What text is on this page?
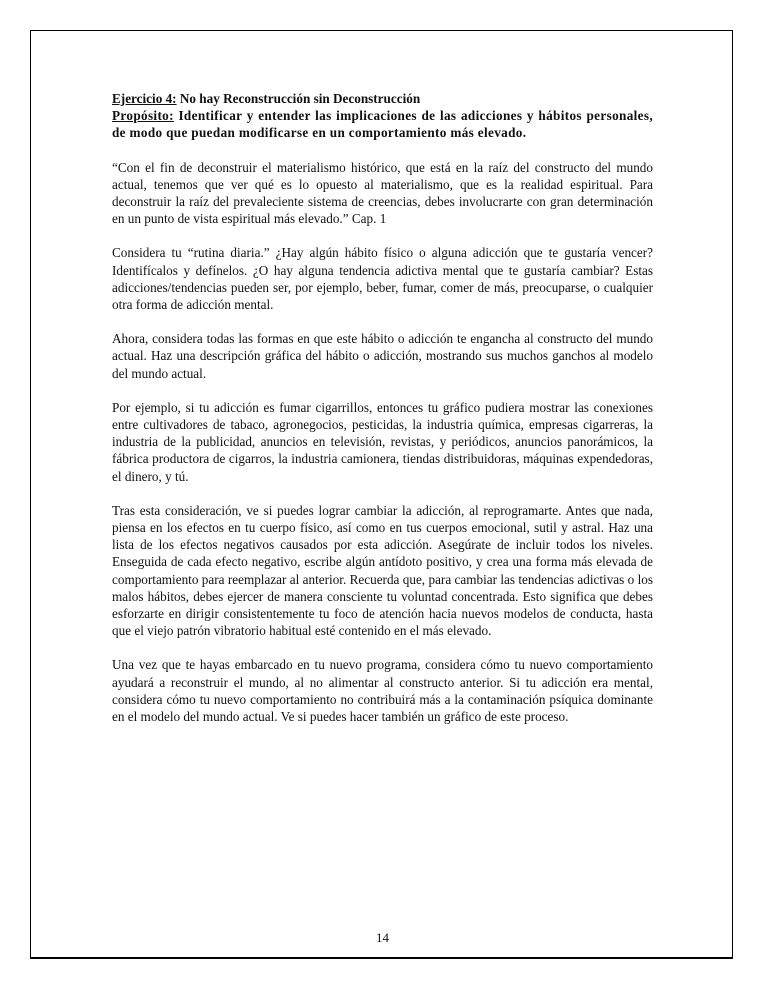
Ejercicio 4: No hay Reconstrucción sin Deconstrucción

Propósito: Identificar y entender las implicaciones de las adicciones y hábitos personales, de modo que puedan modificarse en un comportamiento más elevado.

“Con el fin de deconstruir el materialismo histórico, que está en la raíz del constructo del mundo actual, tenemos que ver qué es lo opuesto al materialismo, que es la realidad espiritual. Para deconstruir la raíz del prevaleciente sistema de creencias, debes involucrarte con gran determinación en un punto de vista espiritual más elevado.” Cap. 1

Considera tu “rutina diaria.” ¿Hay algún hábito físico o alguna adicción que te gustaría vencer? Identifícalos y defínelos. ¿O hay alguna tendencia adictiva mental que te gustaría cambiar? Estas adicciones/tendencias pueden ser, por ejemplo, beber, fumar, comer de más, preocuparse, o cualquier otra forma de adicción mental.

Ahora, considera todas las formas en que este hábito o adicción te engancha al constructo del mundo actual. Haz una descripción gráfica del hábito o adicción, mostrando sus muchos ganchos al modelo del mundo actual.

Por ejemplo, si tu adicción es fumar cigarrillos, entonces tu gráfico pudiera mostrar las conexiones entre cultivadores de tabaco, agronegocios, pesticidas, la industria química, empresas cigarreras, la industria de la publicidad, anuncios en televisión, revistas, y periódicos, anuncios panorámicos, la fábrica productora de cigarros, la industria camionera, tiendas distribuidoras, máquinas expendedoras, el dinero, y tú.

Tras esta consideración, ve si puedes lograr cambiar la adicción, al reprogramarte. Antes que nada, piensa en los efectos en tu cuerpo físico, así como en tus cuerpos emocional, sutil y astral. Haz una lista de los efectos negativos causados por esta adicción. Asegúrate de incluir todos los niveles. Enseguida de cada efecto negativo, escribe algún antídoto positivo, y crea una forma más elevada de comportamiento para reemplazar al anterior. Recuerda que, para cambiar las tendencias adictivas o los malos hábitos, debes ejercer de manera consciente tu voluntad concentrada. Esto significa que debes esforzarte en dirigir consistentemente tu foco de atención hacia nuevos modelos de conducta, hasta que el viejo patrón vibratorio habitual esté contenido en el más elevado.

Una vez que te hayas embarcado en tu nuevo programa, considera cómo tu nuevo comportamiento ayudará a reconstruir el mundo, al no alimentar al constructo anterior. Si tu adicción era mental, considera cómo tu nuevo comportamiento no contribuirá más a la contaminación psíquica dominante en el modelo del mundo actual. Ve si puedes hacer también un gráfico de este proceso.

14
